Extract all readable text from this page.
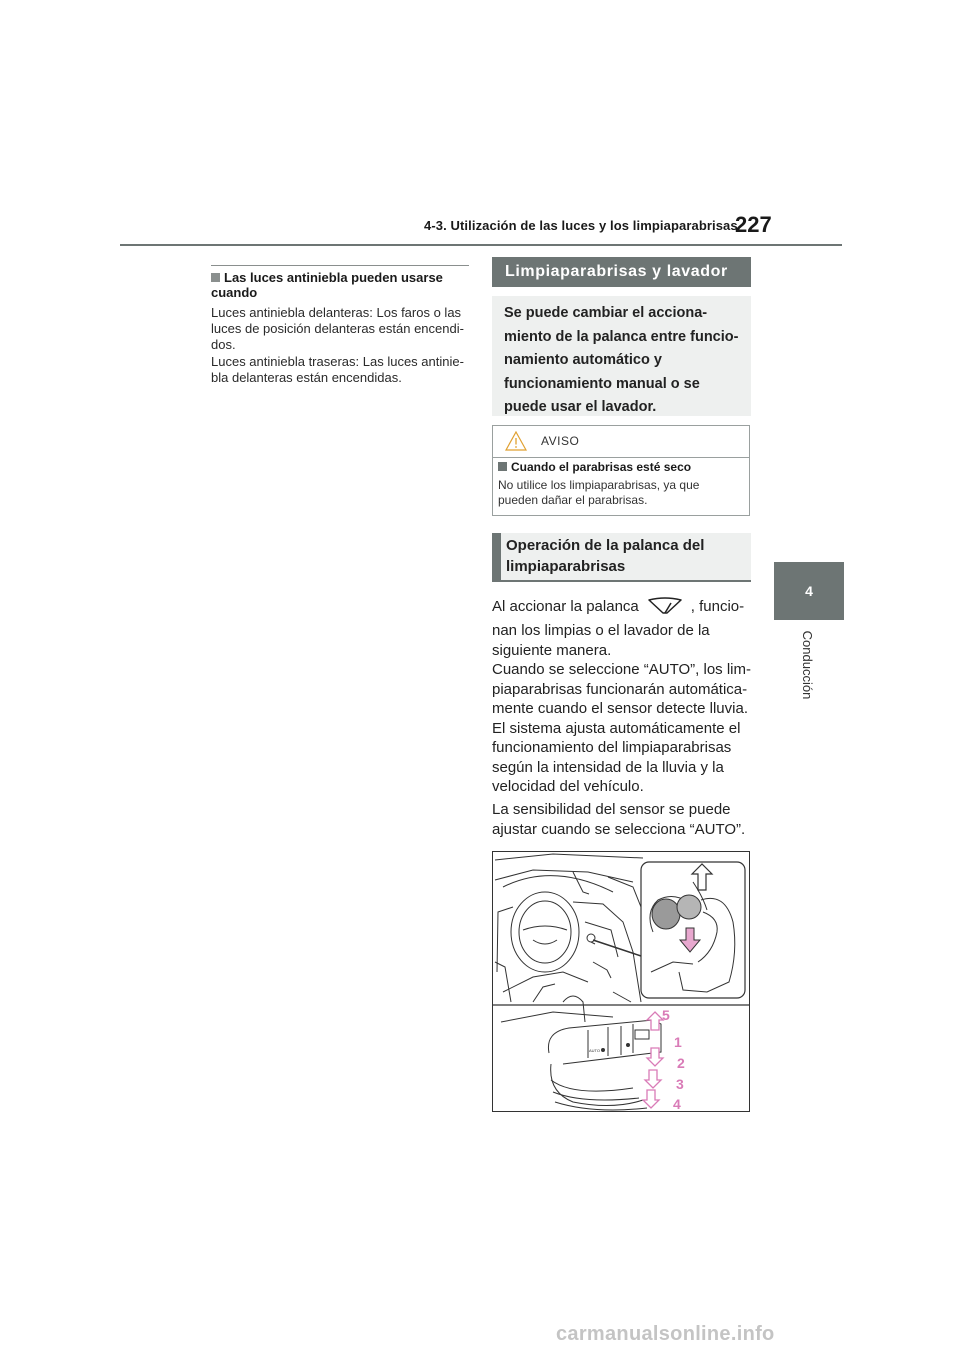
4-3. Utilización de las luces y los limpiaparabrisas
227
4
Conducción
Las luces antiniebla pueden usarse cuando
Luces antiniebla delanteras: Los faros o las luces de posición delanteras están encendi-dos.
Luces antiniebla traseras: Las luces antinie-bla delanteras están encendidas.
Limpiaparabrisas y lavador
Se puede cambiar el acciona-
miento de la palanca entre funcio-
namiento automático y
funcionamiento manual o se
puede usar el lavador.
AVISO
Cuando el parabrisas esté seco
No utilice los limpiaparabrisas, ya que pueden dañar el parabrisas.
Operación de la palanca del limpiaparabrisas
Al accionar la palanca	, funcio-
nan los limpias o el lavador de la siguiente manera.
Cuando se seleccione “AUTO”, los lim-piaparabrisas funcionarán automática-mente cuando el sensor detecte lluvia. El sistema ajusta automáticamente el funcionamiento del limpiaparabrisas según la intensidad de la lluvia y la velocidad del vehículo.
La sensibilidad del sensor se puede ajustar cuando se selecciona “AUTO”.
AUTO
5
1
2
3
4
carmanualsonline.info
